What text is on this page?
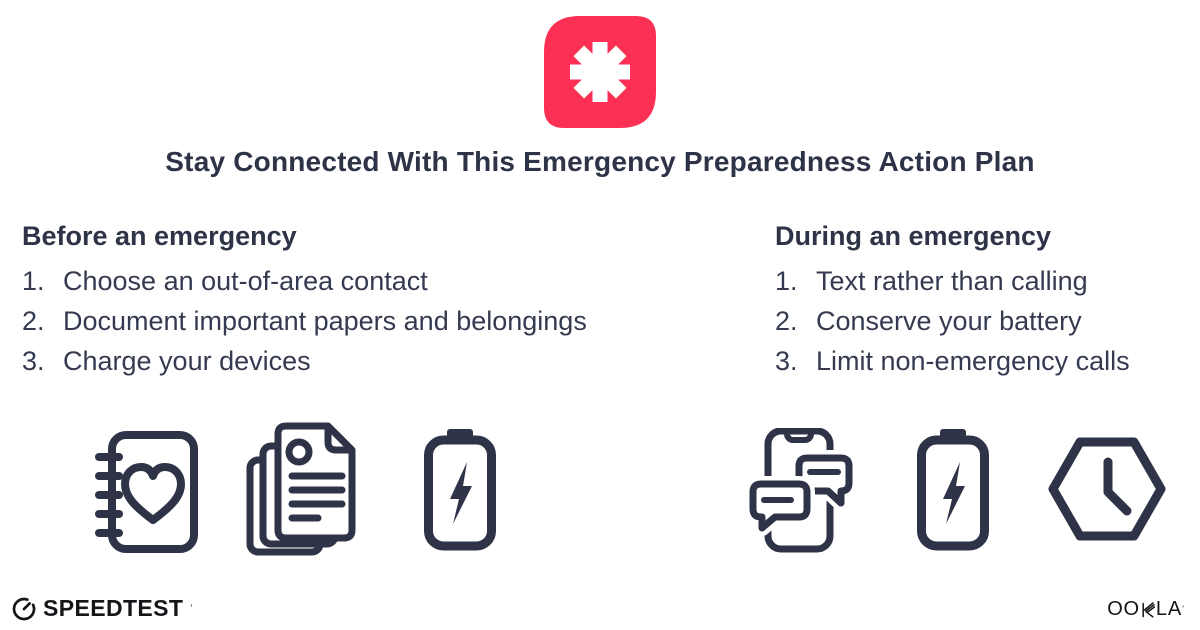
Stay Connected With This Emergency Preparedness Action Plan
Before an emergency
1. Choose an out-of-area contact
2. Document important papers and belongings
3. Charge your devices
During an emergency
1. Text rather than calling
2. Conserve your battery
3. Limit non-emergency calls
SPEEDTEST ’	OO LA ’
